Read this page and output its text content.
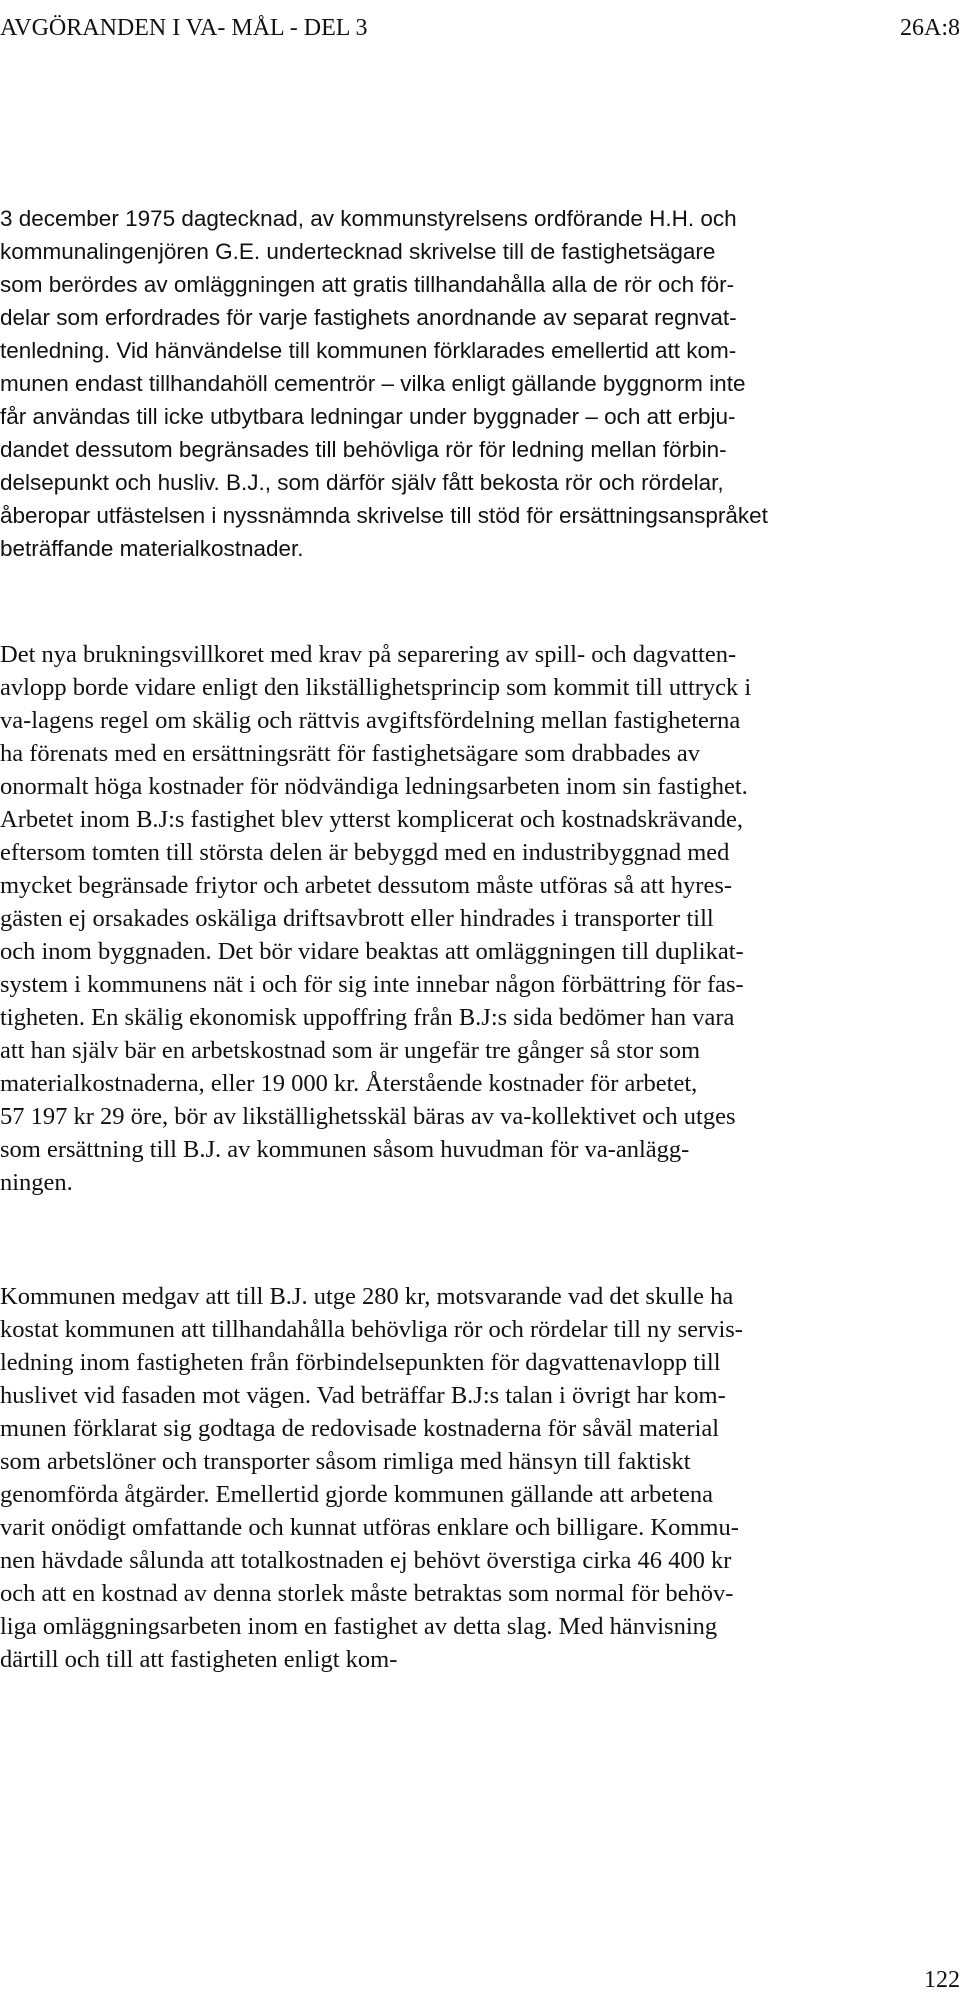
AVGÖRANDEN I VA- MÅL - DEL 3	26A:8
3 december 1975 dagtecknad, av kommunstyrelsens ordförande H.H. och
kommunalingenjören G.E. undertecknad skrivelse till de fastighetsägare
som berördes av omläggningen att gratis tillhandahålla alla de rör och för-
delar som erfordrades för varje fastighets anordnande av separat regnvat-
tenledning. Vid hänvändelse till kommunen förklarades emellertid att kom-
munen endast tillhandahöll cementrör – vilka enligt gällande byggnorm inte
får användas till icke utbytbara ledningar under byggnader – och att erbju-
dandet dessutom begränsades till behövliga rör för ledning mellan förbin-
delsepunkt och husliv. B.J., som därför själv fått bekosta rör och rördelar,
åberopar utfästelsen i nyssnämnda skrivelse till stöd för ersättningsanspråket
beträffande materialkostnader.
Det nya brukningsvillkoret med krav på separering av spill- och dagvatten-
avlopp borde vidare enligt den likställighetsprincip som kommit till uttryck i
va-lagens regel om skälig och rättvis avgiftsfördelning mellan fastigheterna
ha förenats med en ersättningsrätt för fastighetsägare som drabbades av
onormalt höga kostnader för nödvändiga ledningsarbeten inom sin fastighet.
Arbetet inom B.J:s fastighet blev ytterst komplicerat och kostnadskrävande,
eftersom tomten till största delen är bebyggd med en industribyggnad med
mycket begränsade friytor och arbetet dessutom måste utföras så att hyres-
gästen ej orsakades oskäliga driftsavbrott eller hindrades i transporter till
och inom byggnaden. Det bör vidare beaktas att omläggningen till duplikat-
system i kommunens nät i och för sig inte innebar någon förbättring för fas-
tigheten. En skälig ekonomisk uppoffring från B.J:s sida bedömer han vara
att han själv bär en arbetskostnad som är ungefär tre gånger så stor som
materialkostnaderna, eller 19 000 kr. Återstående kostnader för arbetet,
57 197 kr 29 öre, bör av likställighetsskäl bäras av va-kollektivet och utges
som ersättning till B.J. av kommunen såsom huvudman för va-anlägg-
ningen.
Kommunen medgav att till B.J. utge 280 kr, motsvarande vad det skulle ha
kostat kommunen att tillhandahålla behövliga rör och rördelar till ny servis-
ledning inom fastigheten från förbindelsepunkten för dagvattenavlopp till
huslivet vid fasaden mot vägen. Vad beträffar B.J:s talan i övrigt har kom-
munen förklarat sig godtaga de redovisade kostnaderna för såväl material
som arbetslöner och transporter såsom rimliga med hänsyn till faktiskt
genomförda åtgärder. Emellertid gjorde kommunen gällande att arbetena
varit onödigt omfattande och kunnat utföras enklare och billigare. Kommu-
nen hävdade sålunda att totalkostnaden ej behövt överstiga cirka 46 400 kr
och att en kostnad av denna storlek måste betraktas som normal för behöv-
liga omläggningsarbeten inom en fastighet av detta slag. Med hänvisning
därtill och till att fastigheten enligt kom-
122
